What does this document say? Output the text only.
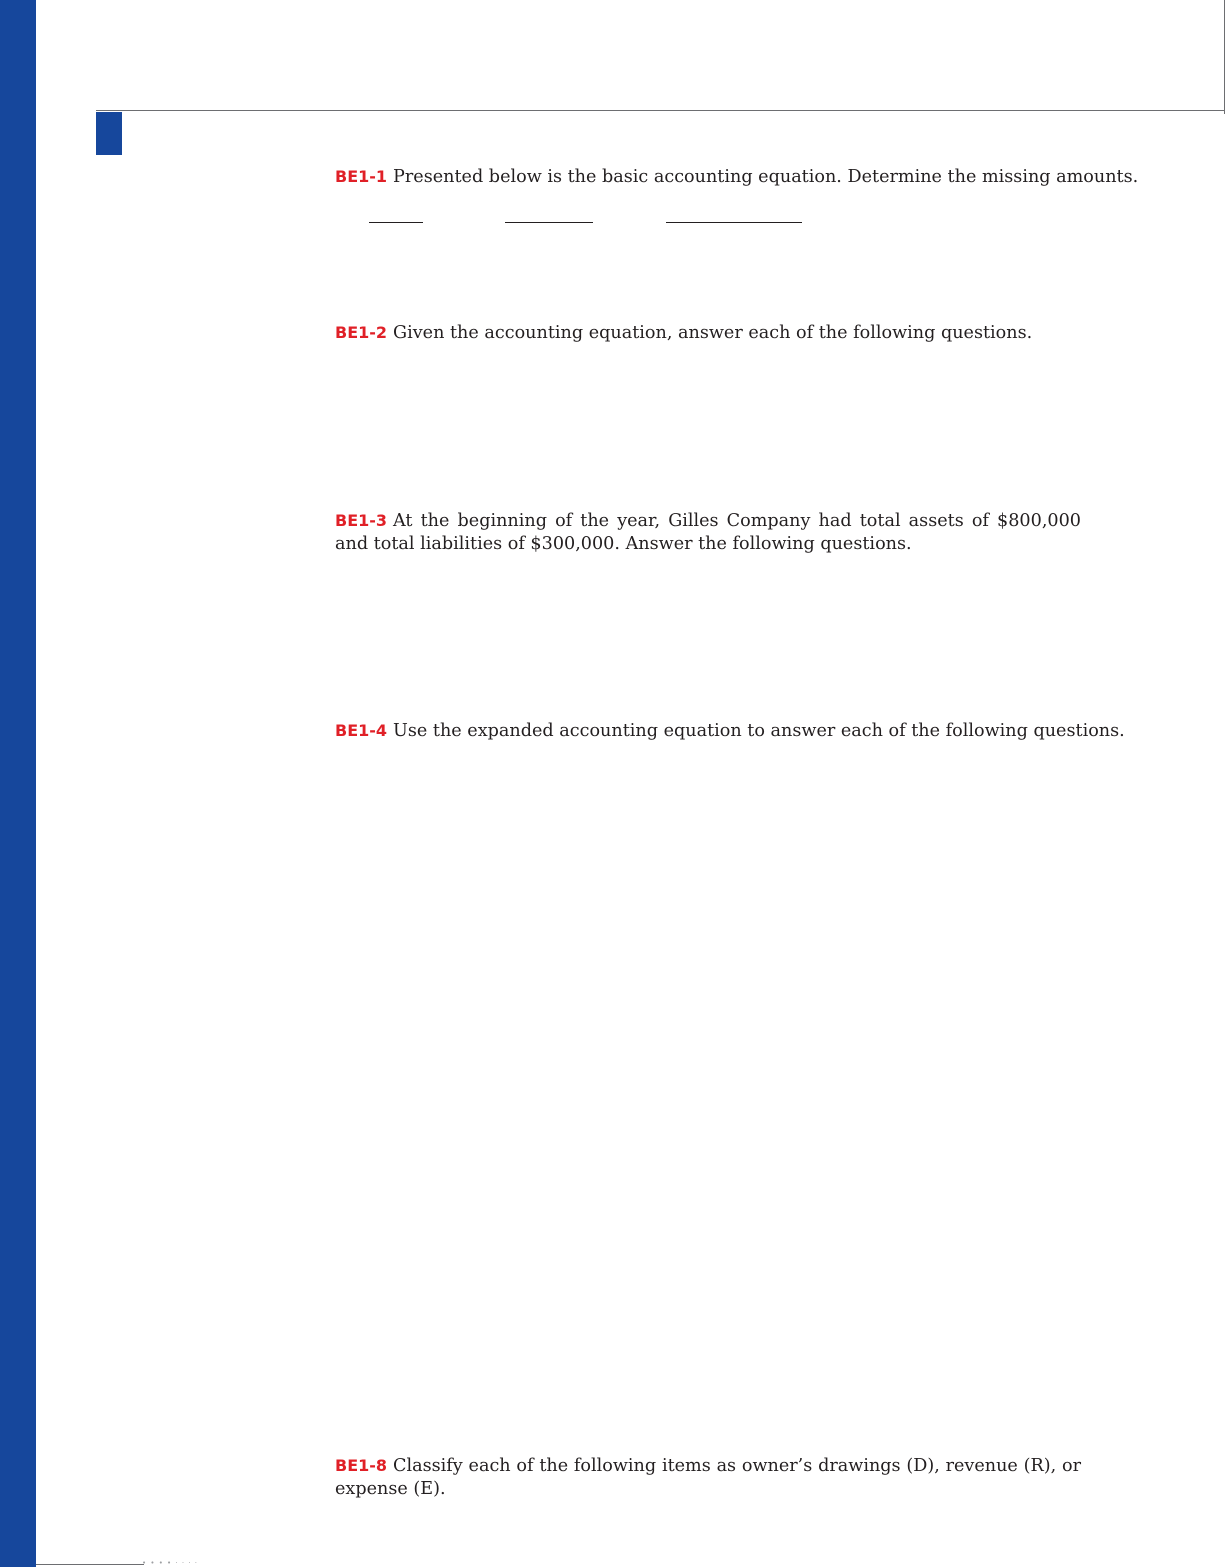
BE1-1 Presented below is the basic accounting equation. Determine the missing amounts.
BE1-2 Given the accounting equation, answer each of the following questions.
BE1-3 At the beginning of the year, Gilles Company had total assets of $800,000 and total liabilities of $300,000. Answer the following questions.
BE1-4 Use the expanded accounting equation to answer each of the following questions.
BE1-8 Classify each of the following items as owner’s drawings (D), revenue (R), or expense (E).
• • • • · · · ·
